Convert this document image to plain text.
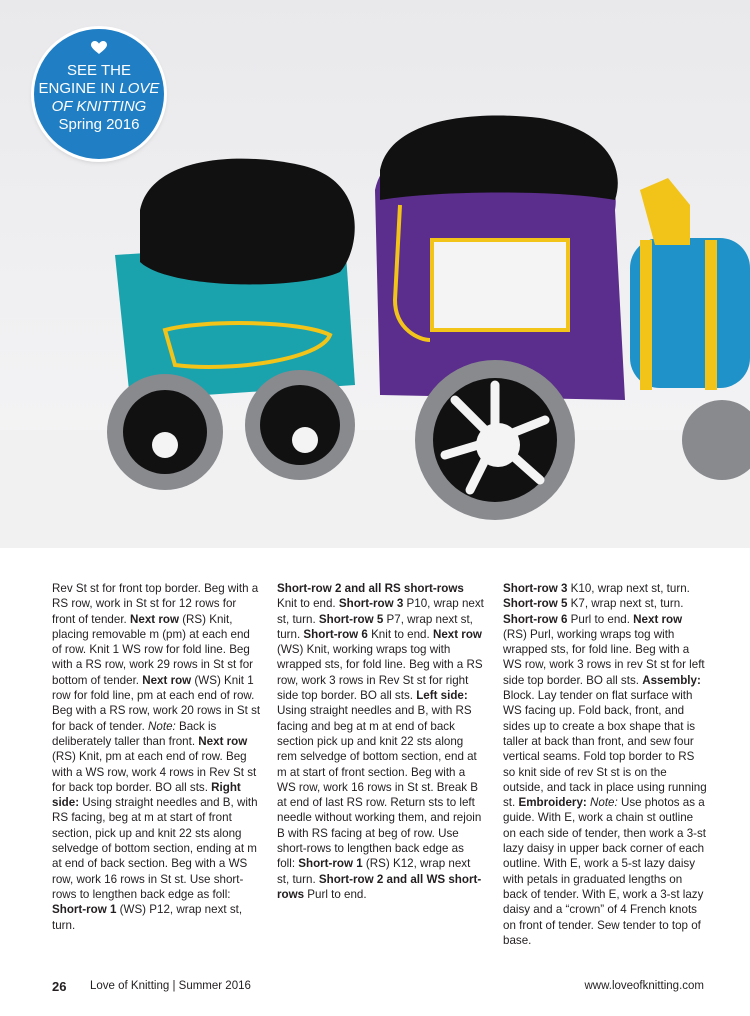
SEE THE
ENGINE IN LOVE
OF KNITTING
Spring 2016

Rev St st for front top border. Beg with a RS row, work in St st for 12 rows for front of tender. Next row (RS) Knit, placing removable m (pm) at each end of row. Knit 1 WS row for fold line. Beg with a RS row, work 29 rows in St st for bottom of tender. Next row (WS) Knit 1 row for fold line, pm at each end of row. Beg with a RS row, work 20 rows in St st for back of tender. Note: Back is deliberately taller than front. Next row (RS) Knit, pm at each end of row. Beg with a WS row, work 4 rows in Rev St st for back top border. BO all sts. Right side: Using straight needles and B, with RS facing, beg at m at start of front section, pick up and knit 22 sts along selvedge of bottom section, ending at m at end of back section. Beg with a WS row, work 16 rows in St st. Use short-rows to lengthen back edge as foll: Short-row 1 (WS) P12, wrap next st, turn.

Short-row 2 and all RS short-rows Knit to end. Short-row 3 P10, wrap next st, turn. Short-row 5 P7, wrap next st, turn. Short-row 6 Knit to end. Next row (WS) Knit, working wraps tog with wrapped sts, for fold line. Beg with a RS row, work 3 rows in Rev St st for right side top border. BO all sts. Left side: Using straight needles and B, with RS facing and beg at m at end of back section pick up and knit 22 sts along rem selvedge of bottom section, end at m at start of front section. Beg with a WS row, work 16 rows in St st. Break B at end of last RS row. Return sts to left needle without working them, and rejoin B with RS facing at beg of row. Use short-rows to lengthen back edge as foll: Short-row 1 (RS) K12, wrap next st, turn. Short-row 2 and all WS short-rows Purl to end.

Short-row 3 K10, wrap next st, turn. Short-row 5 K7, wrap next st, turn. Short-row 6 Purl to end. Next row (RS) Purl, working wraps tog with wrapped sts, for fold line. Beg with a WS row, work 3 rows in rev St st for left side top border. BO all sts. Assembly: Block. Lay tender on flat surface with WS facing up. Fold back, front, and sides up to create a box shape that is taller at back than front, and sew four vertical seams. Fold top border to RS so knit side of rev St st is on the outside, and tack in place using running st. Embroidery: Note: Use photos as a guide. With E, work a chain st outline on each side of tender, then work a 3-st lazy daisy in upper back corner of each outline. With E, work a 5-st lazy daisy with petals in graduated lengths on back of tender. With E, work a 3-st lazy daisy and a “crown” of 4 French knots on front of tender. Sew tender to top of base.

26 Love of Knitting | Summer 2016	www.loveofknitting.com
